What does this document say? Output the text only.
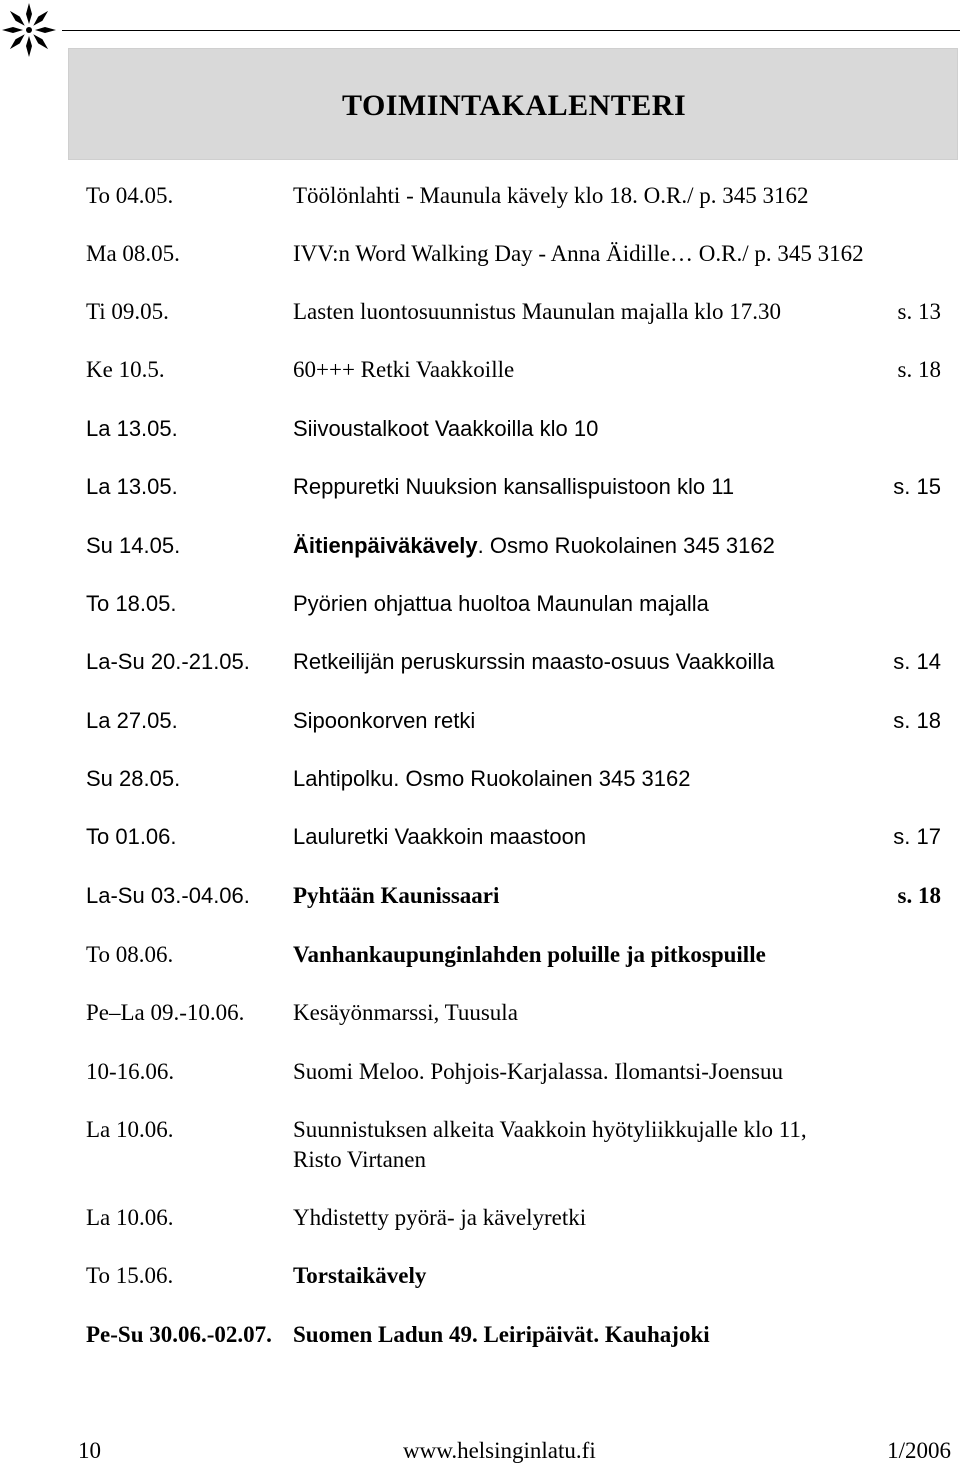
TOIMINTAKALENTERI
To 04.05.	Töölönlahti - Maunula kävely klo 18. O.R./ p. 345 3162
Ma 08.05.	IVV:n Word Walking Day - Anna Äidille… O.R./ p. 345 3162
Ti 09.05.	Lasten luontosuunnistus Maunulan majalla klo 17.30	s. 13
Ke 10.5.	60+++ Retki Vaakkoille	s. 18
La 13.05.	Siivoustalkoot Vaakkoilla klo 10
La 13.05.	Reppuretki Nuuksion kansallispuistoon klo 11	s. 15
Su 14.05.	Äitienpäiväkävely. Osmo Ruokolainen 345 3162
To 18.05.	Pyörien ohjattua huoltoa Maunulan majalla
La-Su 20.-21.05. Retkeilijän peruskurssin maasto-osuus Vaakkoilla	s. 14
La 27.05.	Sipoonkorven retki	s. 18
Su 28.05.	Lahtipolku. Osmo Ruokolainen 345 3162
To 01.06.	Lauluretki Vaakkoin maastoon	s. 17
La-Su 03.-04.06. Pyhtään Kaunissaari	s. 18
To 08.06.	Vanhankaupunginlahden poluille ja pitkospuille
Pe–La 09.-10.06. Kesäyönmarssi, Tuusula
10-16.06.	Suomi Meloo. Pohjois-Karjalassa. Ilomantsi-Joensuu
La 10.06.	Suunnistuksen alkeita Vaakkoin hyötyliikkujalle klo 11,
Risto Virtanen
La 10.06.	Yhdistetty pyörä- ja kävelyretki
To 15.06.	Torstaikävely
Pe-Su 30.06.-02.07. Suomen Ladun 49. Leiripäivät. Kauhajoki
10	www.helsinginlatu.fi	1/2006
